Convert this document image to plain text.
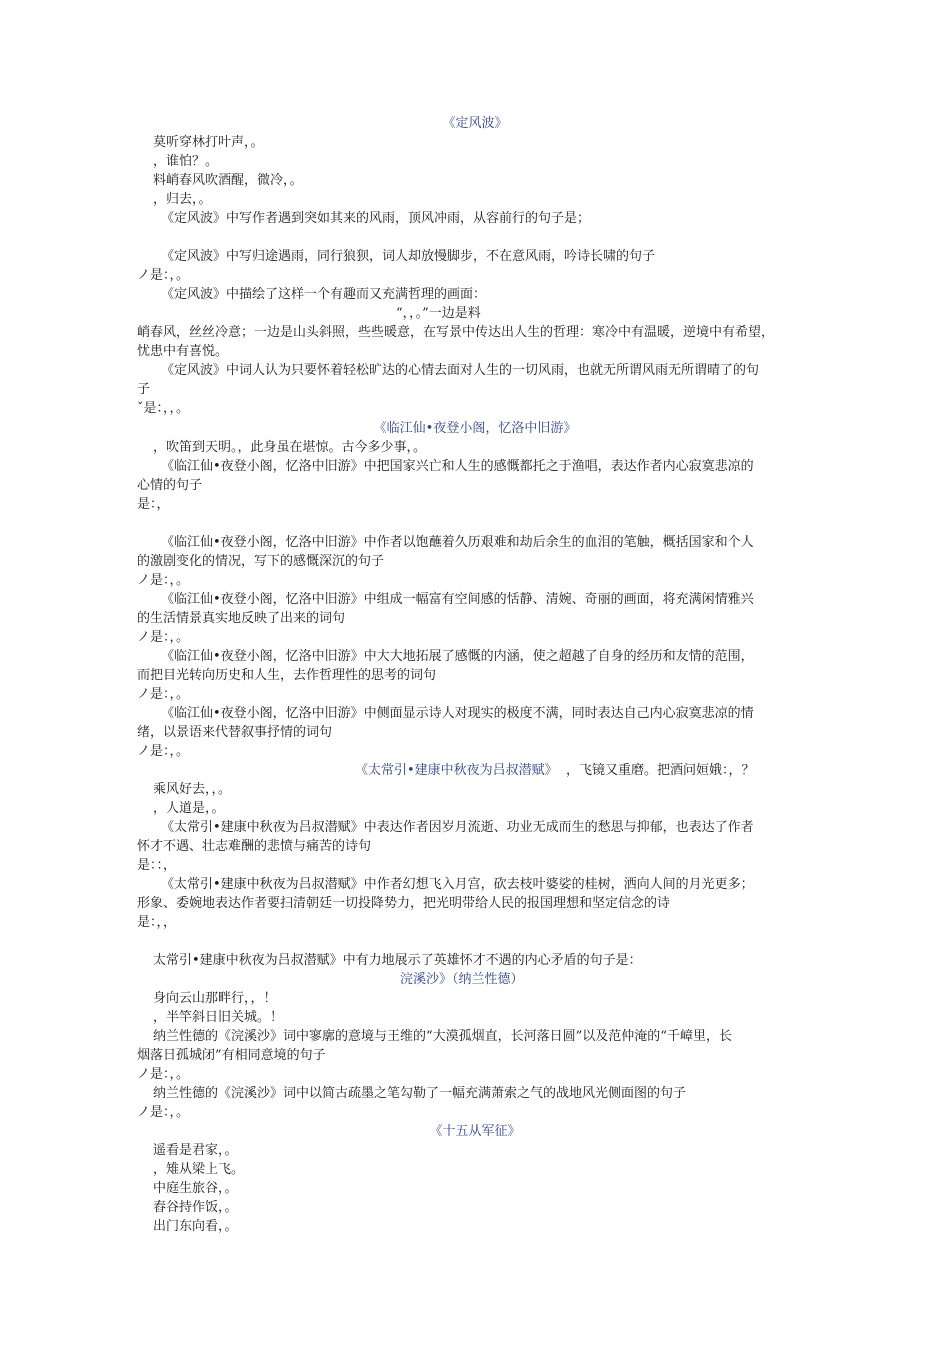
《定风波》
莫听穿林打叶声，。
，谁怕？。
料峭春风吹酒醒，微冷，。
，归去，。
《定风波》中写作者遇到突如其来的风雨，顶风冲雨，从容前行的句子是；
《定风波》中写归途遇雨，同行狼狈，词人却放慢脚步，不在意风雨，吟诗长啸的句子
ノ是：，。
《定风波》中描绘了这样一个有趣而又充满哲理的画面：
“，，。”一边是料
峭春风，丝丝冷意；一边是山头斜照，些些暖意，在写景中传达出人生的哲理：寒冷中有温暖，逆境中有希望，
忧患中有喜悦。
《定风波》中词人认为只要怀着轻松旷达的心情去面对人生的一切风雨，也就无所谓风雨无所谓晴了的句
子
ˇ是：，，。
《临江仙•夜登小阁，忆洛中旧游》
，吹笛到天明。，此身虽在堪惊。古今多少事，。
《临江仙•夜登小阁，忆洛中旧游》中把国家兴亡和人生的感慨都托之于渔唱，表达作者内心寂寞悲凉的
心情的句子
是：，
《临江仙•夜登小阁，忆洛中旧游》中作者以饱蘸着久历艰难和劫后余生的血泪的笔触，概括国家和个人
的激剧变化的情况，写下的感慨深沉的句子
ノ是：，。
《临江仙•夜登小阁，忆洛中旧游》中组成一幅富有空间感的恬静、清婉、奇丽的画面，将充满闲情雅兴
的生活情景真实地反映了出来的词句
ノ是：，。
《临江仙•夜登小阁，忆洛中旧游》中大大地拓展了感慨的内涵，使之超越了自身的经历和友情的范围，
而把目光转向历史和人生，去作哲理性的思考的词句
ノ是：，。
《临江仙•夜登小阁，忆洛中旧游》中侧面显示诗人对现实的极度不满，同时表达自己内心寂寞悲凉的情
绪，以景语来代替叙事抒情的词句
ノ是：，。
《太常引•建康中秋夜为吕叔潜赋》 ，飞镜又重磨。把酒问姮娥：，？
乘风好去，，。
，人道是，。
《太常引•建康中秋夜为吕叔潜赋》中表达作者因岁月流逝、功业无成而生的愁思与抑郁，也表达了作者
怀才不遇、壮志难酬的悲愤与痛苦的诗句
是：：，
《太常引•建康中秋夜为吕叔潜赋》中作者幻想飞入月宫，砍去枝叶婆娑的桂树，洒向人间的月光更多；
形象、委婉地表达作者要扫清朝廷一切投降势力，把光明带给人民的报国理想和坚定信念的诗
是：，，
太常引•建康中秋夜为吕叔潜赋》中有力地展示了英雄怀才不遇的内心矛盾的句子是：
浣溪沙》（纳兰性德）
身向云山那畔行，，！
，半竿斜日旧关城。！
纳兰性德的《浣溪沙》词中寥廓的意境与王维的“大漠孤烟直，长河落日圆”以及范仲淹的“千嶂里，长
烟落日孤城闭”有相同意境的句子
ノ是：，。
纳兰性德的《浣溪沙》词中以简古疏墨之笔勾勒了一幅充满萧索之气的战地风光侧面图的句子
ノ是：，。
《十五从军征》
遥看是君家，。
，雉从梁上飞。
中庭生旅谷，。
舂谷持作饭，。
出门东向看，。
